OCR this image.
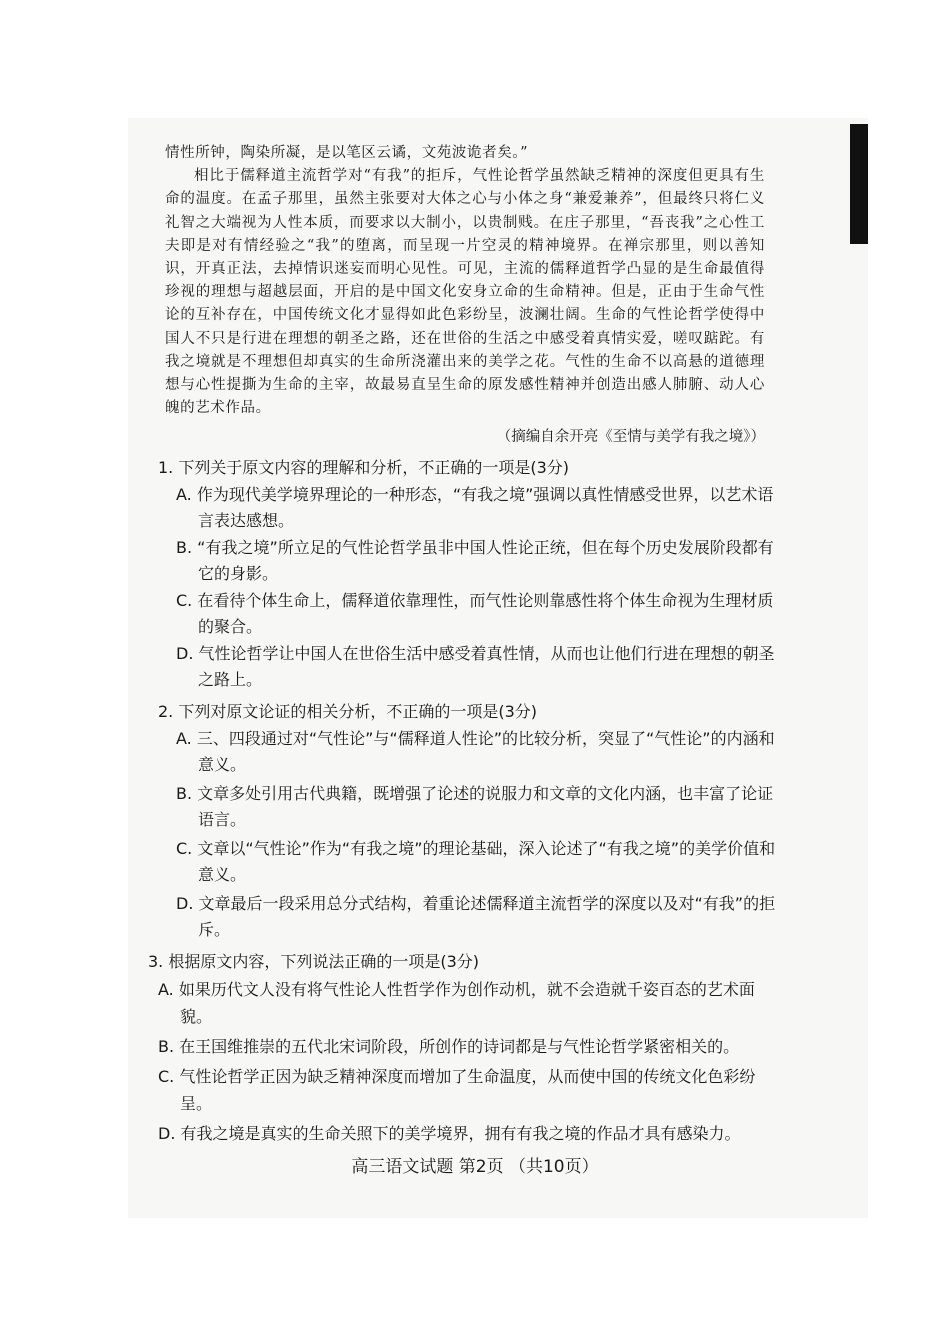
情性所钟，陶染所凝，是以笔区云谲，文苑波诡者矣。”

相比于儒释道主流哲学对“有我”的拒斥，气性论哲学虽然缺乏精神的深度但更具有生命的温度。在孟子那里，虽然主张要对大体之心与小体之身“兼爱兼养”，但最终只将仁义礼智之大端视为人性本质，而要求以大制小，以贵制贱。在庄子那里，“吾丧我”之心性工夫即是对有情经验之“我”的堕离，而呈现一片空灵的精神境界。在禅宗那里，则以善知识，开真正法，去掉情识迷妄而明心见性。可见，主流的儒释道哲学凸显的是生命最值得珍视的理想与超越层面，开启的是中国文化安身立命的生命精神。但是，正由于生命气性论的互补存在，中国传统文化才显得如此色彩纷呈，波澜壮阔。生命的气性论哲学使得中国人不只是行进在理想的朝圣之路，还在世俗的生活之中感受着真情实爱，嗟叹踮跎。有我之境就是不理想但却真实的生命所浇灌出来的美学之花。气性的生命不以高悬的道德理想与心性提撕为生命的主宰，故最易直呈生命的原发感性精神并创造出感人肺腑、动人心魄的艺术作品。

（摘编自余开亮《至情与美学有我之境》）

1. 下列关于原文内容的理解和分析，不正确的一项是(3分)

A. 作为现代美学境界理论的一种形态，“有我之境”强调以真性情感受世界，以艺术语言表达感想。

B. “有我之境”所立足的气性论哲学虽非中国人性论正统，但在每个历史发展阶段都有它的身影。

C. 在看待个体生命上，儒释道依靠理性，而气性论则靠感性将个体生命视为生理材质的聚合。

D. 气性论哲学让中国人在世俗生活中感受着真性情，从而也让他们行进在理想的朝圣之路上。

2. 下列对原文论证的相关分析，不正确的一项是(3分)

A. 三、四段通过对“气性论”与“儒释道人性论”的比较分析，突显了“气性论”的内涵和意义。

B. 文章多处引用古代典籍，既增强了论述的说服力和文章的文化内涵，也丰富了论证语言。

C. 文章以“气性论”作为“有我之境”的理论基础，深入论述了“有我之境”的美学价值和意义。

D. 文章最后一段采用总分式结构，着重论述儒释道主流哲学的深度以及对“有我”的拒斥。

3. 根据原文内容，下列说法正确的一项是(3分)

A. 如果历代文人没有将气性论人性哲学作为创作动机，就不会造就千姿百态的艺术面貌。

B. 在王国维推崇的五代北宋词阶段，所创作的诗词都是与气性论哲学紧密相关的。

C. 气性论哲学正因为缺乏精神深度而增加了生命温度，从而使中国的传统文化色彩纷呈。

D. 有我之境是真实的生命关照下的美学境界，拥有有我之境的作品才具有感染力。

高三语文试题 第2页 （共10页）
